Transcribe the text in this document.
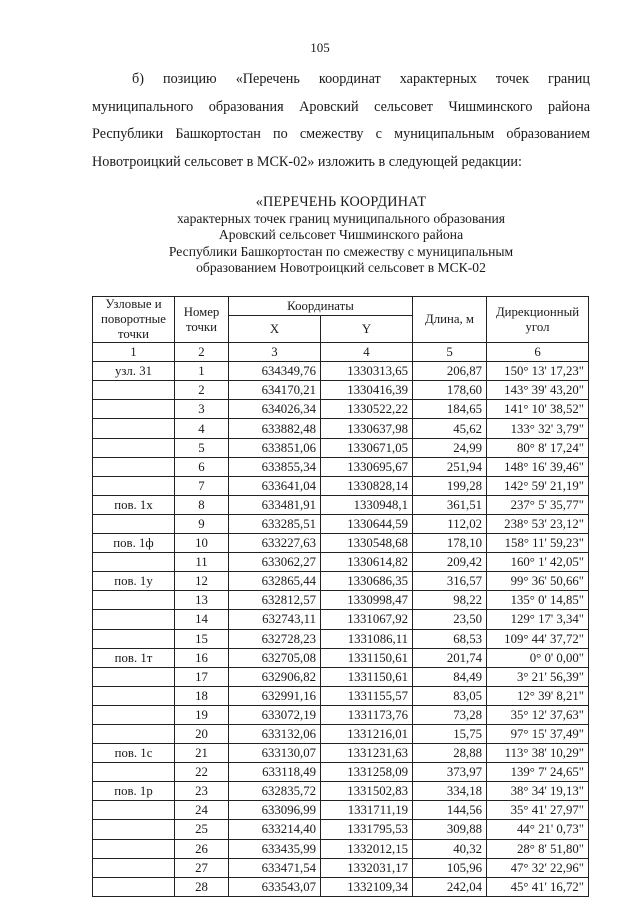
105

б) позицию «Перечень координат характерных точек границ

муниципального образования Аровский сельсовет Чишминского района

Республики Башкортостан по смежеству с муниципальным образованием

Новотроицкий сельсовет в МСК-02» изложить в следующей редакции:

«ПЕРЕЧЕНЬ КООРДИНАТ
характерных точек границ муниципального образования
Аровский сельсовет Чишминского района
Республики Башкортостан по смежеству с муниципальным
образованием Новотроицкий сельсовет в МСК-02
Узловые и поворотные точки	Номер точки	Координаты		Длина, м	Дирекционный угол
		X	Y		
1	2	3	4	5	6
узл. 31	1	634349,76	1330313,65	206,87	150° 13' 17,23"
	2	634170,21	1330416,39	178,60	143° 39' 43,20"
	3	634026,34	1330522,22	184,65	141° 10' 38,52"
	4	633882,48	1330637,98	45,62	133° 32' 3,79"
	5	633851,06	1330671,05	24,99	80° 8' 17,24"
	6	633855,34	1330695,67	251,94	148° 16' 39,46"
	7	633641,04	1330828,14	199,28	142° 59' 21,19"
пов. 1х	8	633481,91	1330948,1	361,51	237° 5' 35,77"
	9	633285,51	1330644,59	112,02	238° 53' 23,12"
пов. 1ф	10	633227,63	1330548,68	178,10	158° 11' 59,23"
	11	633062,27	1330614,82	209,42	160° 1' 42,05"
пов. 1у	12	632865,44	1330686,35	316,57	99° 36' 50,66"
	13	632812,57	1330998,47	98,22	135° 0' 14,85"
	14	632743,11	1331067,92	23,50	129° 17' 3,34"
	15	632728,23	1331086,11	68,53	109° 44' 37,72"
пов. 1т	16	632705,08	1331150,61	201,74	0° 0' 0,00"
	17	632906,82	1331150,61	84,49	3° 21' 56,39"
	18	632991,16	1331155,57	83,05	12° 39' 8,21"
	19	633072,19	1331173,76	73,28	35° 12' 37,63"
	20	633132,06	1331216,01	15,75	97° 15' 37,49"
пов. 1с	21	633130,07	1331231,63	28,88	113° 38' 10,29"
	22	633118,49	1331258,09	373,97	139° 7' 24,65"
пов. 1р	23	632835,72	1331502,83	334,18	38° 34' 19,13"
	24	633096,99	1331711,19	144,56	35° 41' 27,97"
	25	633214,40	1331795,53	309,88	44° 21' 0,73"
	26	633435,99	1332012,15	40,32	28° 8' 51,80"
	27	633471,54	1332031,17	105,96	47° 32' 22,96"
	28	633543,07	1332109,34	242,04	45° 41' 16,72"
